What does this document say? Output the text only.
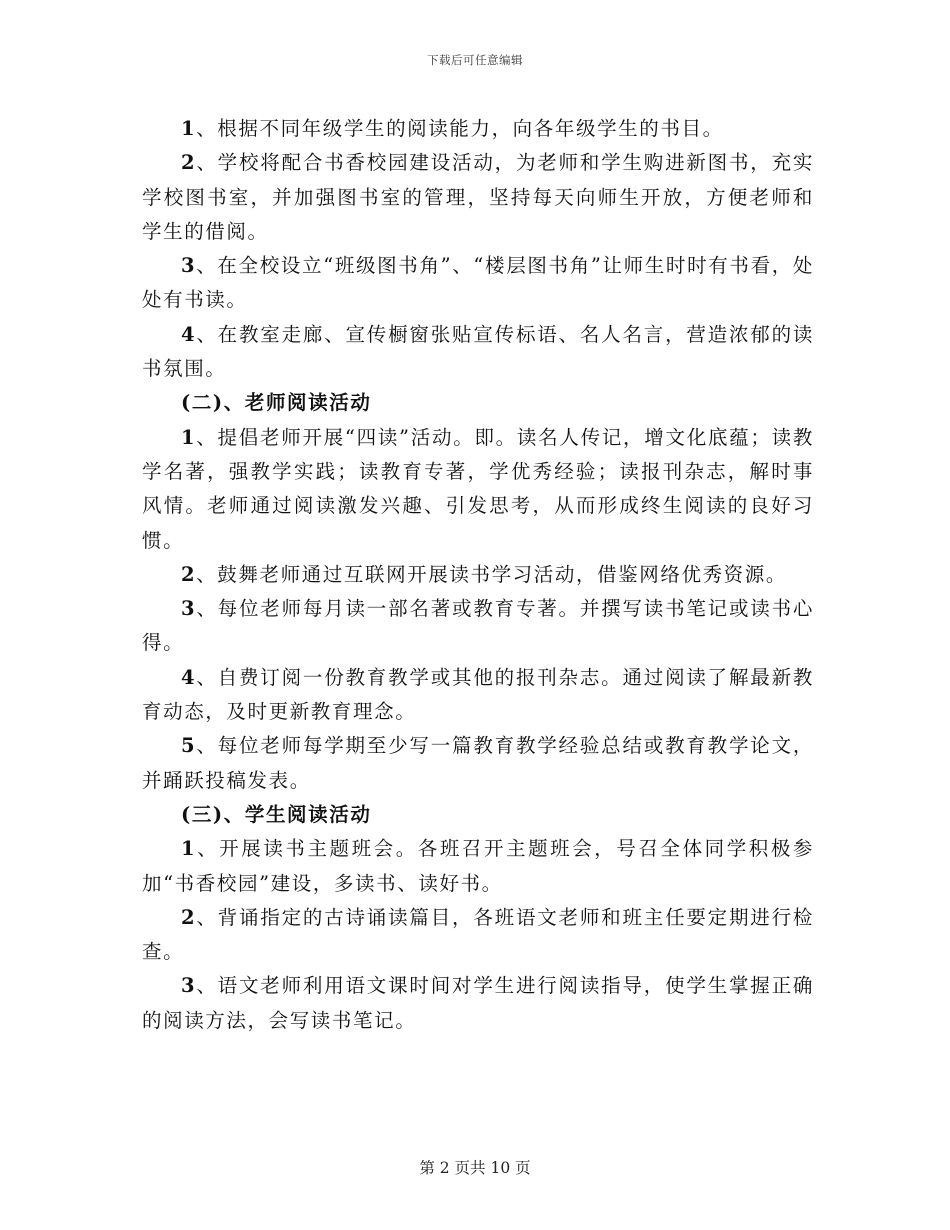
下载后可任意编辑

1、根据不同年级学生的阅读能力，向各年级学生的书目。

2、学校将配合书香校园建设活动，为老师和学生购进新图书，充实学校图书室，并加强图书室的管理，坚持每天向师生开放，方便老师和学生的借阅。

3、在全校设立“班级图书角”、“楼层图书角”让师生时时有书看，处处有书读。

4、在教室走廊、宣传橱窗张贴宣传标语、名人名言，营造浓郁的读书氛围。

(二)、老师阅读活动

1、提倡老师开展“四读”活动。即。读名人传记，增文化底蕴；读教学名著，强教学实践；读教育专著，学优秀经验；读报刊杂志，解时事风情。老师通过阅读激发兴趣、引发思考，从而形成终生阅读的良好习惯。

2、鼓舞老师通过互联网开展读书学习活动，借鉴网络优秀资源。

3、每位老师每月读一部名著或教育专著。并撰写读书笔记或读书心得。

4、自费订阅一份教育教学或其他的报刊杂志。通过阅读了解最新教育动态，及时更新教育理念。

5、每位老师每学期至少写一篇教育教学经验总结或教育教学论文，并踊跃投稿发表。

(三)、学生阅读活动

1、开展读书主题班会。各班召开主题班会，号召全体同学积极参加“书香校园”建设，多读书、读好书。

2、背诵指定的古诗诵读篇目，各班语文老师和班主任要定期进行检查。

3、语文老师利用语文课时间对学生进行阅读指导，使学生掌握正确的阅读方法，会写读书笔记。

第 2 页共 10 页
